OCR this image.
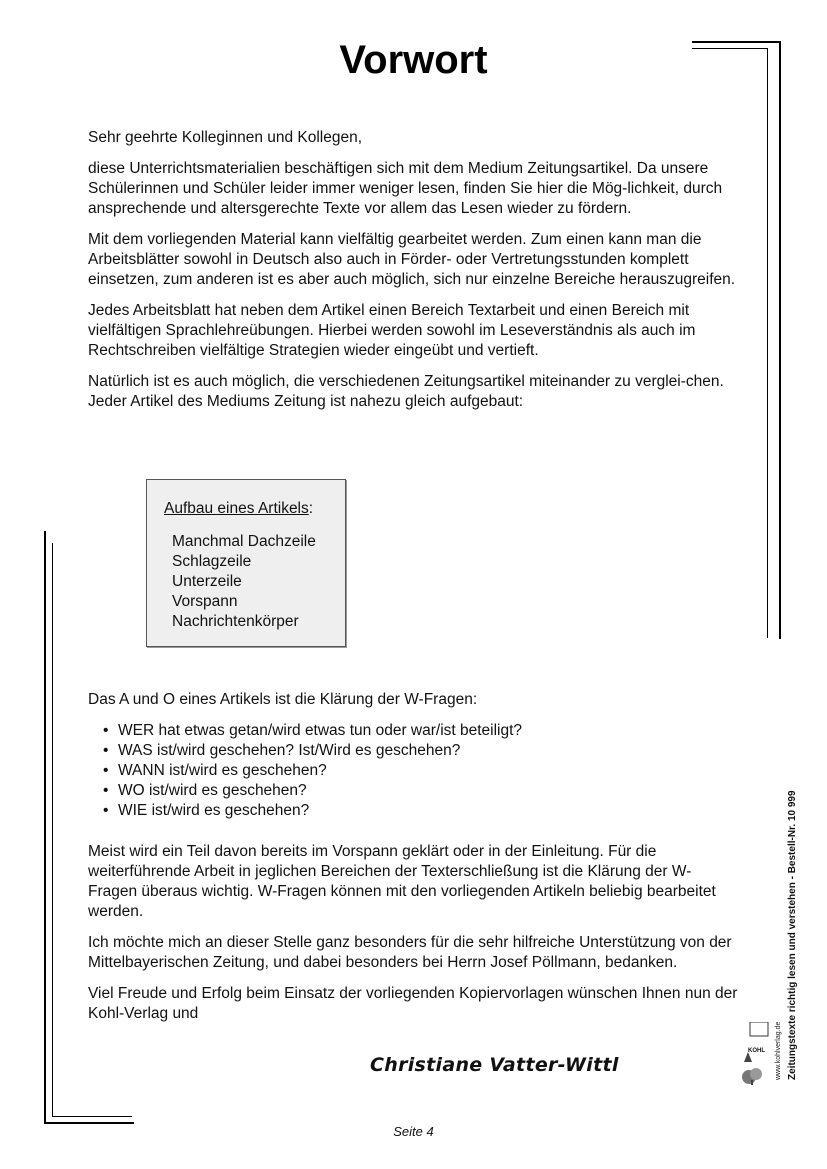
Vorwort

Sehr geehrte Kolleginnen und Kollegen,

diese Unterrichtsmaterialien beschäftigen sich mit dem Medium Zeitungsartikel. Da unsere Schülerinnen und Schüler leider immer weniger lesen, finden Sie hier die Mög-lichkeit, durch ansprechende und altersgerechte Texte vor allem das Lesen wieder zu fördern.

Mit dem vorliegenden Material kann vielfältig gearbeitet werden. Zum einen kann man die Arbeitsblätter sowohl in Deutsch also auch in Förder- oder Vertretungsstunden komplett einsetzen, zum anderen ist es aber auch möglich, sich nur einzelne Bereiche herauszugreifen.

Jedes Arbeitsblatt hat neben dem Artikel einen Bereich Textarbeit und einen Bereich mit vielfältigen Sprachlehreübungen. Hierbei werden sowohl im Leseverständnis als auch im Rechtschreiben vielfältige Strategien wieder eingeübt und vertieft.

Natürlich ist es auch möglich, die verschiedenen Zeitungsartikel miteinander zu verglei-chen. Jeder Artikel des Mediums Zeitung ist nahezu gleich aufgebaut:

Aufbau eines Artikels:
Manchmal Dachzeile
Schlagzeile
Unterzeile
Vorspann
Nachrichtenkörper

Das A und O eines Artikels ist die Klärung der W-Fragen:

• WER hat etwas getan/wird etwas tun oder war/ist beteiligt?
• WAS ist/wird geschehen? Ist/Wird es geschehen?
• WANN ist/wird es geschehen?
• WO ist/wird es geschehen?
• WIE ist/wird es geschehen?

Meist wird ein Teil davon bereits im Vorspann geklärt oder in der Einleitung. Für die weiterführende Arbeit in jeglichen Bereichen der Texterschließung ist die Klärung der W-Fragen überaus wichtig. W-Fragen können mit den vorliegenden Artikeln beliebig bearbeitet werden.

Ich möchte mich an dieser Stelle ganz besonders für die sehr hilfreiche Unterstützung von der Mittelbayerischen Zeitung, und dabei besonders bei Herrn Josef Pöllmann, bedanken.

Viel Freude und Erfolg beim Einsatz der vorliegenden Kopiervorlagen wünschen Ihnen nun der Kohl-Verlag und

Christiane Vatter-Wittl
Seite 4
Zeitungstexte richtig lesen und verstehen - Bestell-Nr. 10 999
www.kohlverlag.de
KOHL
